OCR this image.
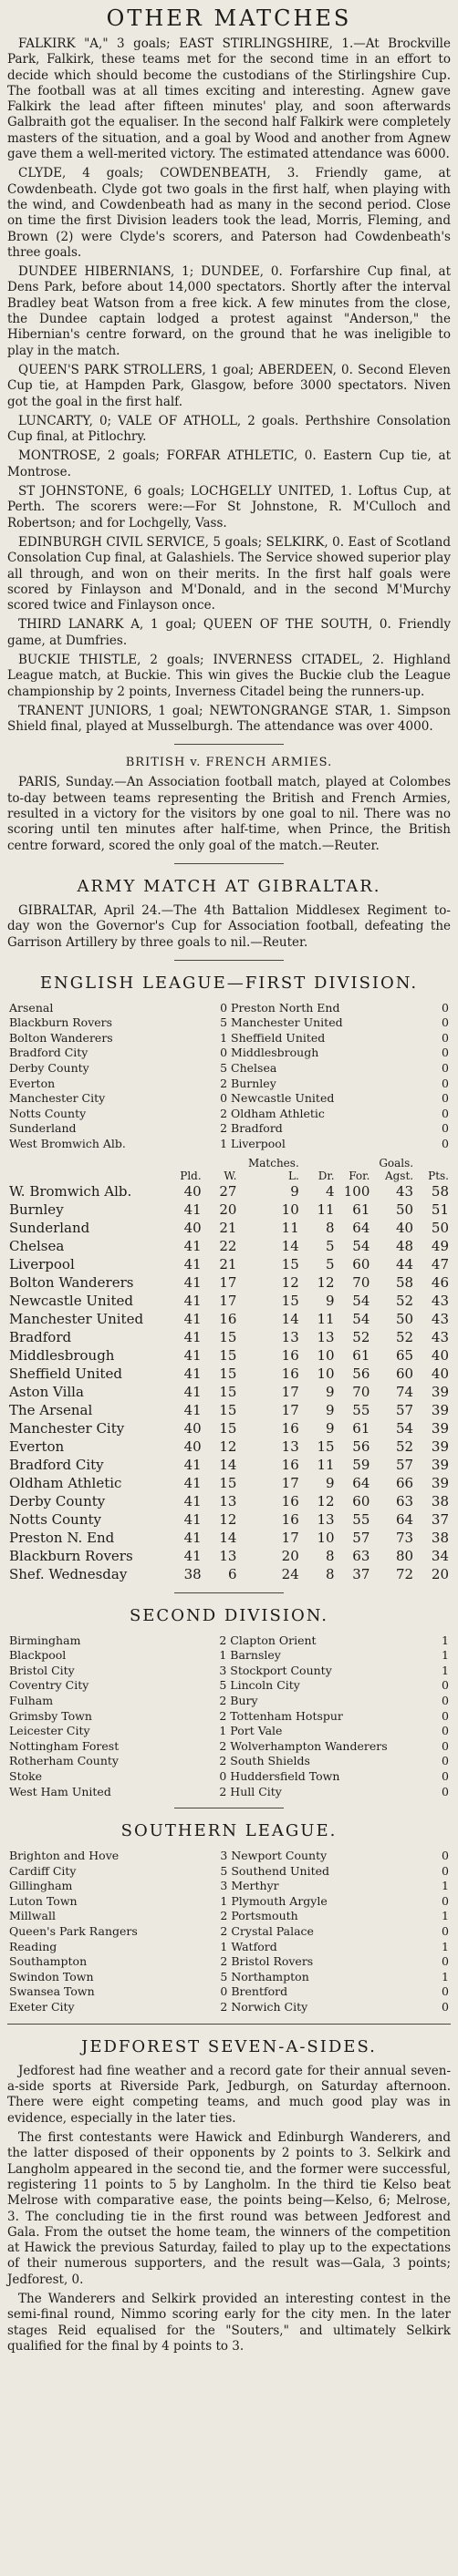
OTHER MATCHES

FALKIRK "A," 3 goals; EAST STIRLINGSHIRE, 1.—At Brockville Park, Falkirk, these teams met for the second time in an effort to decide which should become the custodians of the Stirlingshire Cup. The football was at all times exciting and interesting. Agnew gave Falkirk the lead after fifteen minutes' play, and soon afterwards Galbraith got the equaliser. In the second half Falkirk were completely masters of the situation, and a goal by Wood and another from Agnew gave them a well-merited victory. The estimated attendance was 6000.

CLYDE, 4 goals; COWDENBEATH, 3. Friendly game, at Cowdenbeath. Clyde got two goals in the first half, when playing with the wind, and Cowdenbeath had as many in the second period. Close on time the first Division leaders took the lead, Morris, Fleming, and Brown (2) were Clyde's scorers, and Paterson had Cowdenbeath's three goals.

DUNDEE HIBERNIANS, 1; DUNDEE, 0. Forfarshire Cup final, at Dens Park, before about 14,000 spectators. Shortly after the interval Bradley beat Watson from a free kick. A few minutes from the close, the Dundee captain lodged a protest against "Anderson," the Hibernian's centre forward, on the ground that he was ineligible to play in the match.

QUEEN'S PARK STROLLERS, 1 goal; ABERDEEN, 0. Second Eleven Cup tie, at Hampden Park, Glasgow, before 3000 spectators. Niven got the goal in the first half.

LUNCARTY, 0; VALE OF ATHOLL, 2 goals. Perthshire Consolation Cup final, at Pitlochry.

MONTROSE, 2 goals; FORFAR ATHLETIC, 0. Eastern Cup tie, at Montrose.

ST JOHNSTONE, 6 goals; LOCHGELLY UNITED, 1. Loftus Cup, at Perth. The scorers were:—For St Johnstone, R. M'Culloch and Robertson; and for Lochgelly, Vass.

EDINBURGH CIVIL SERVICE, 5 goals; SELKIRK, 0. East of Scotland Consolation Cup final, at Galashiels. The Service showed superior play all through, and won on their merits. In the first half goals were scored by Finlayson and M'Donald, and in the second M'Murchy scored twice and Finlayson once.

THIRD LANARK A, 1 goal; QUEEN OF THE SOUTH, 0. Friendly game, at Dumfries.

BUCKIE THISTLE, 2 goals; INVERNESS CITADEL, 2. Highland League match, at Buckie. This win gives the Buckie club the League championship by 2 points, Inverness Citadel being the runners-up.

TRANENT JUNIORS, 1 goal; NEWTONGRANGE STAR, 1. Simpson Shield final, played at Musselburgh. The attendance was over 4000.

BRITISH v. FRENCH ARMIES.

PARIS, Sunday.—An Association football match, played at Colombes to-day between teams representing the British and French Armies, resulted in a victory for the visitors by one goal to nil. There was no scoring until ten minutes after half-time, when Prince, the British centre forward, scored the only goal of the match.—Reuter.

ARMY MATCH AT GIBRALTAR.

GIBRALTAR, April 24.—The 4th Battalion Middlesex Regiment to-day won the Governor's Cup for Association football, defeating the Garrison Artillery by three goals to nil.—Reuter.

ENGLISH LEAGUE—FIRST DIVISION.
Arsenal	0	Preston North End	0
Blackburn Rovers	5	Manchester United	0
Bolton Wanderers	1	Sheffield United	0
Bradford City	0	Middlesbrough	0
Derby County	5	Chelsea	0
Everton	2	Burnley	0
Manchester City	0	Newcastle United	0
Notts County	2	Oldham Athletic	0
Sunderland	2	Bradford	0
West Bromwich Alb.	1	Liverpool	0
			Matches.			Goals.	
	Pld.	W.	L.	Dr.	For.	Agst.	Pts.
W. Bromwich Alb.	40	27	9	4	100	43	58
Burnley	41	20	10	11	61	50	51
Sunderland	40	21	11	8	64	40	50
Chelsea	41	22	14	5	54	48	49
Liverpool	41	21	15	5	60	44	47
Bolton Wanderers	41	17	12	12	70	58	46
Newcastle United	41	17	15	9	54	52	43
Manchester United	41	16	14	11	54	50	43
Bradford	41	15	13	13	52	52	43
Middlesbrough	41	15	16	10	61	65	40
Sheffield United	41	15	16	10	56	60	40
Aston Villa	41	15	17	9	70	74	39
The Arsenal	41	15	17	9	55	57	39
Manchester City	40	15	16	9	61	54	39
Everton	40	12	13	15	56	52	39
Bradford City	41	14	16	11	59	57	39
Oldham Athletic	41	15	17	9	64	66	39
Derby County	41	13	16	12	60	63	38
Notts County	41	12	16	13	55	64	37
Preston N. End	41	14	17	10	57	73	38
Blackburn Rovers	41	13	20	8	63	80	34
Shef. Wednesday	38	6	24	8	37	72	20
SECOND DIVISION.
Birmingham	2	Clapton Orient	1
Blackpool	1	Barnsley	1
Bristol City	3	Stockport County	1
Coventry City	5	Lincoln City	0
Fulham	2	Bury	0
Grimsby Town	2	Tottenham Hotspur	0
Leicester City	1	Port Vale	0
Nottingham Forest	2	Wolverhampton Wanderers	0
Rotherham County	2	South Shields	0
Stoke	0	Huddersfield Town	0
West Ham United	2	Hull City	0
SOUTHERN LEAGUE.
Brighton and Hove	3	Newport County	0
Cardiff City	5	Southend United	0
Gillingham	3	Merthyr	1
Luton Town	1	Plymouth Argyle	0
Millwall	2	Portsmouth	1
Queen's Park Rangers	2	Crystal Palace	0
Reading	1	Watford	1
Southampton	2	Bristol Rovers	0
Swindon Town	5	Northampton	1
Swansea Town	0	Brentford	0
Exeter City	2	Norwich City	0
JEDFOREST SEVEN-A-SIDES.

Jedforest had fine weather and a record gate for their annual seven-a-side sports at Riverside Park, Jedburgh, on Saturday afternoon. There were eight competing teams, and much good play was in evidence, especially in the later ties.

The first contestants were Hawick and Edinburgh Wanderers, and the latter disposed of their opponents by 2 points to 3. Selkirk and Langholm appeared in the second tie, and the former were successful, registering 11 points to 5 by Langholm. In the third tie Kelso beat Melrose with comparative ease, the points being—Kelso, 6; Melrose, 3. The concluding tie in the first round was between Jedforest and Gala. From the outset the home team, the winners of the competition at Hawick the previous Saturday, failed to play up to the expectations of their numerous supporters, and the result was—Gala, 3 points; Jedforest, 0.

The Wanderers and Selkirk provided an interesting contest in the semi-final round, Nimmo scoring early for the city men. In the later stages Reid equalised for the "Souters," and ultimately Selkirk qualified for the final by 4 points to 3.
